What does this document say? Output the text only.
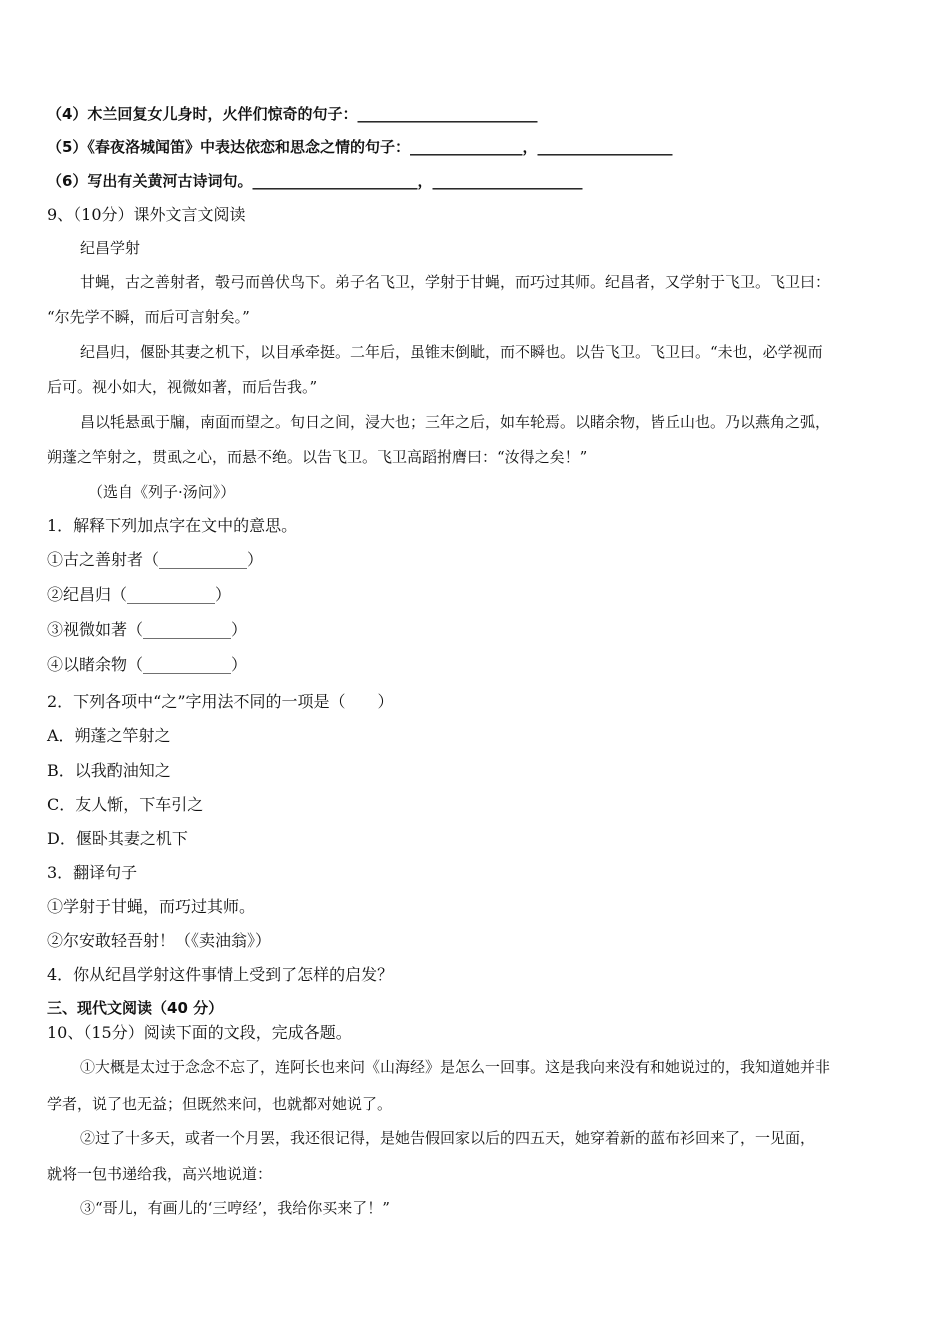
（4）木兰回复女儿身时，火伴们惊奇的句子：________________________
（5）《春夜洛城闻笛》中表达依恋和思念之情的句子：_______________，__________________
（6）写出有关黄河古诗词句。______________________，____________________
9、（10分）课外文言文阅读
纪昌学射
甘蝇，古之善射者，彀弓而兽伏鸟下。弟子名飞卫，学射于甘蝇，而巧过其师。纪昌者，又学射于飞卫。飞卫曰：
“尔先学不瞬，而后可言射矣。”
纪昌归，偃卧其妻之机下，以目承牵挺。二年后，虽锥末倒眦，而不瞬也。以告飞卫。飞卫曰。“未也，必学视而
后可。视小如大，视微如著，而后告我。”
昌以牦悬虱于牖，南面而望之。旬日之间，浸大也；三年之后，如车轮焉。以睹余物，皆丘山也。乃以燕角之弧，
朔蓬之竿射之，贯虱之心，而悬不绝。以告飞卫。飞卫高蹈拊膺曰：“汝得之矣！”
（选自《列子·汤问》）
1．解释下列加点字在文中的意思。
①古之善射者（___________）
②纪昌归（___________）
③视微如著（___________）
④以睹余物（___________）
2．下列各项中“之”字用法不同的一项是（　　）
A．朔蓬之竿射之
B．以我酌油知之
C．友人惭，下车引之
D．偃卧其妻之机下
3．翻译句子
①学射于甘蝇，而巧过其师。
②尔安敢轻吾射！（《卖油翁》）
4．你从纪昌学射这件事情上受到了怎样的启发？
三、现代文阅读（40 分）
10、（15分）阅读下面的文段，完成各题。
①大概是太过于念念不忘了，连阿长也来问《山海经》是怎么一回事。这是我向来没有和她说过的，我知道她并非
学者，说了也无益；但既然来问，也就都对她说了。
②过了十多天，或者一个月罢，我还很记得，是她告假回家以后的四五天，她穿着新的蓝布衫回来了，一见面，
就将一包书递给我，高兴地说道：
③“哥儿，有画儿的‘三哼经’，我给你买来了！”
